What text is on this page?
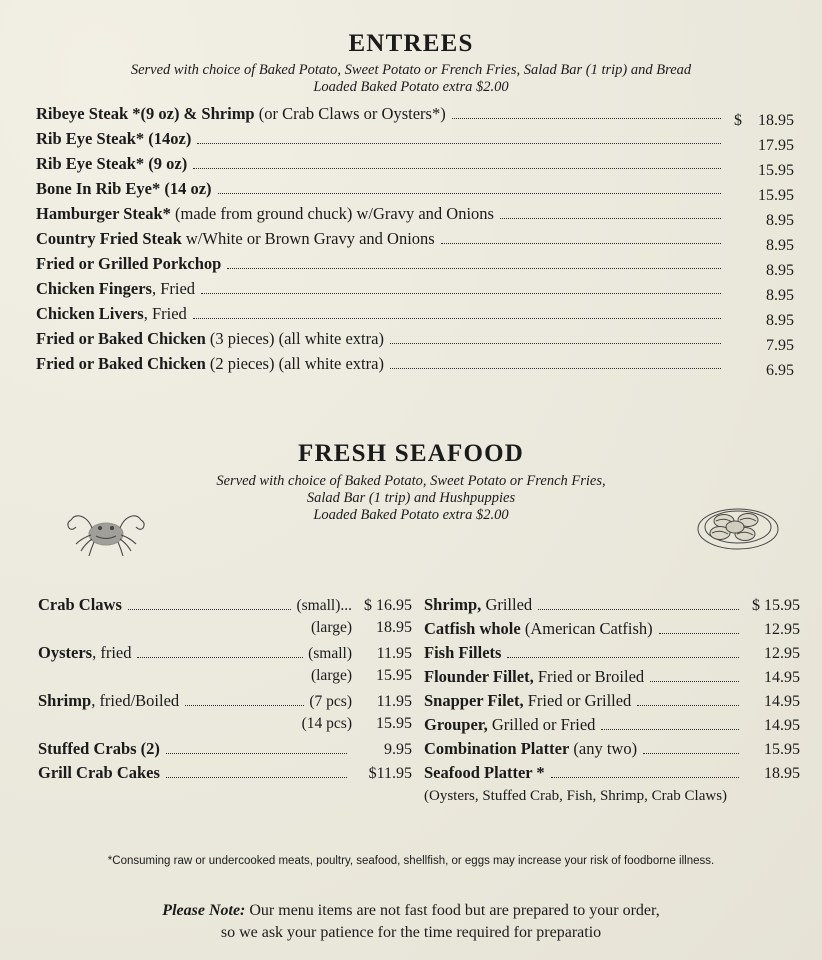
ENTREES
Served with choice of Baked Potato, Sweet Potato or French Fries, Salad Bar (1 trip) and Bread
Loaded Baked Potato extra $2.00
Ribeye Steak *(9 oz) & Shrimp (or Crab Claws or Oysters*)	$	18.95
Rib Eye Steak* (14oz)	17.95
Rib Eye Steak* (9 oz)	15.95
Bone In Rib Eye* (14 oz)	15.95
Hamburger Steak* (made from ground chuck) w/Gravy and Onions	8.95
Country Fried Steak w/White or Brown Gravy and Onions	8.95
Fried or Grilled Porkchop	8.95
Chicken Fingers, Fried	8.95
Chicken Livers, Fried	8.95
Fried or Baked Chicken (3 pieces) (all white extra)	7.95
Fried or Baked Chicken (2 pieces) (all white extra)	6.95
FRESH SEAFOOD
Served with choice of Baked Potato, Sweet Potato or French Fries,
Salad Bar (1 trip) and Hushpuppies
Loaded Baked Potato extra $2.00
Crab Claws	(small)... $ 16.95
(large)	18.95
Oysters, fried	(small)	11.95
(large)	15.95
Shrimp, fried/Boiled	(7 pcs)	11.95
(14 pcs)	15.95
Stuffed Crabs (2)	9.95
Grill Crab Cakes	$11.95
Shrimp, Grilled	$ 15.95
Catfish whole (American Catfish)	12.95
Fish Fillets	12.95
Flounder Fillet, Fried or Broiled	14.95
Snapper Filet, Fried or Grilled	14.95
Grouper, Grilled or Fried	14.95
Combination Platter (any two)	15.95
Seafood Platter *	18.95
(Oysters, Stuffed Crab, Fish, Shrimp, Crab Claws)
*Consuming raw or undercooked meats, poultry, seafood, shellfish, or eggs may increase your risk of foodborne illness.
Please Note: Our menu items are not fast food but are prepared to your order,
so we ask your patience for the time required for preparatio
